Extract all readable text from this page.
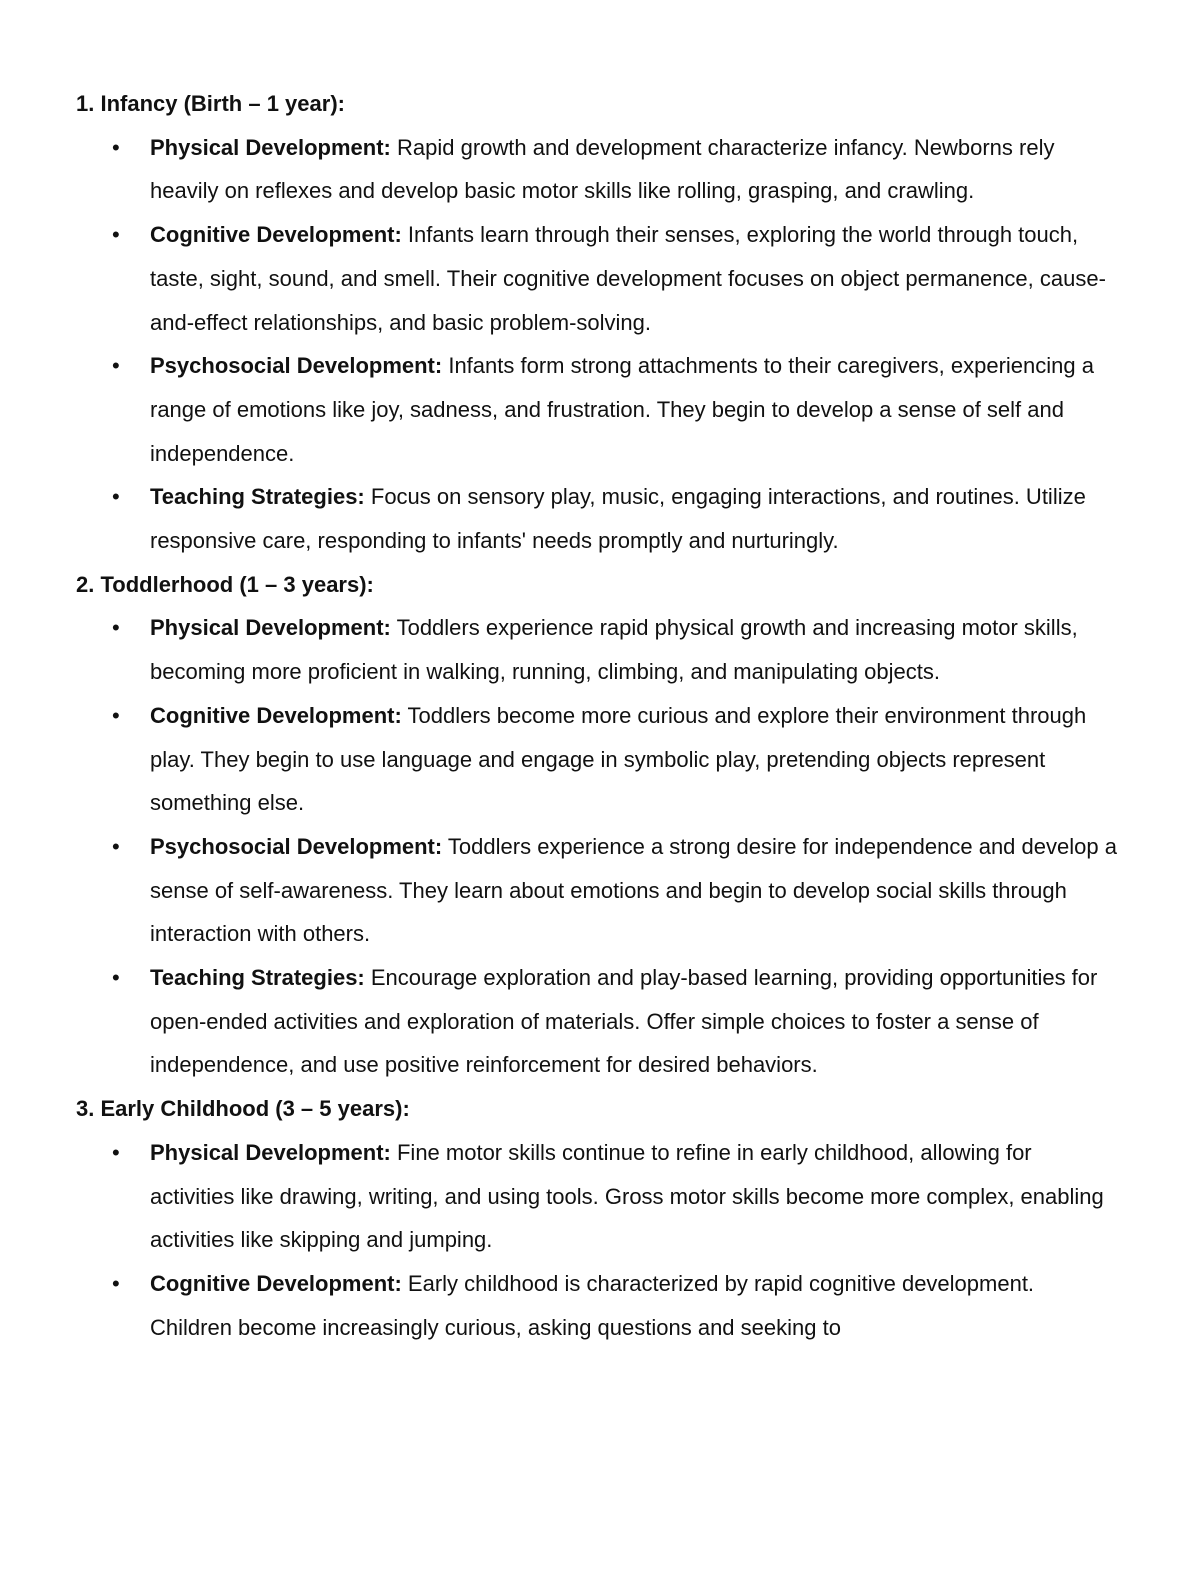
1. Infancy (Birth – 1 year):
• Physical Development: Rapid growth and development characterize infancy. Newborns rely heavily on reflexes and develop basic motor skills like rolling, grasping, and crawling.
• Cognitive Development: Infants learn through their senses, exploring the world through touch, taste, sight, sound, and smell. Their cognitive development focuses on object permanence, cause-and-effect relationships, and basic problem-solving.
• Psychosocial Development: Infants form strong attachments to their caregivers, experiencing a range of emotions like joy, sadness, and frustration. They begin to develop a sense of self and independence.
• Teaching Strategies: Focus on sensory play, music, engaging interactions, and routines. Utilize responsive care, responding to infants' needs promptly and nurturingly.
2. Toddlerhood (1 – 3 years):
• Physical Development: Toddlers experience rapid physical growth and increasing motor skills, becoming more proficient in walking, running, climbing, and manipulating objects.
• Cognitive Development: Toddlers become more curious and explore their environment through play. They begin to use language and engage in symbolic play, pretending objects represent something else.
• Psychosocial Development: Toddlers experience a strong desire for independence and develop a sense of self-awareness. They learn about emotions and begin to develop social skills through interaction with others.
• Teaching Strategies: Encourage exploration and play-based learning, providing opportunities for open-ended activities and exploration of materials. Offer simple choices to foster a sense of independence, and use positive reinforcement for desired behaviors.
3. Early Childhood (3 – 5 years):
• Physical Development: Fine motor skills continue to refine in early childhood, allowing for activities like drawing, writing, and using tools. Gross motor skills become more complex, enabling activities like skipping and jumping.
• Cognitive Development: Early childhood is characterized by rapid cognitive development. Children become increasingly curious, asking questions and seeking to
